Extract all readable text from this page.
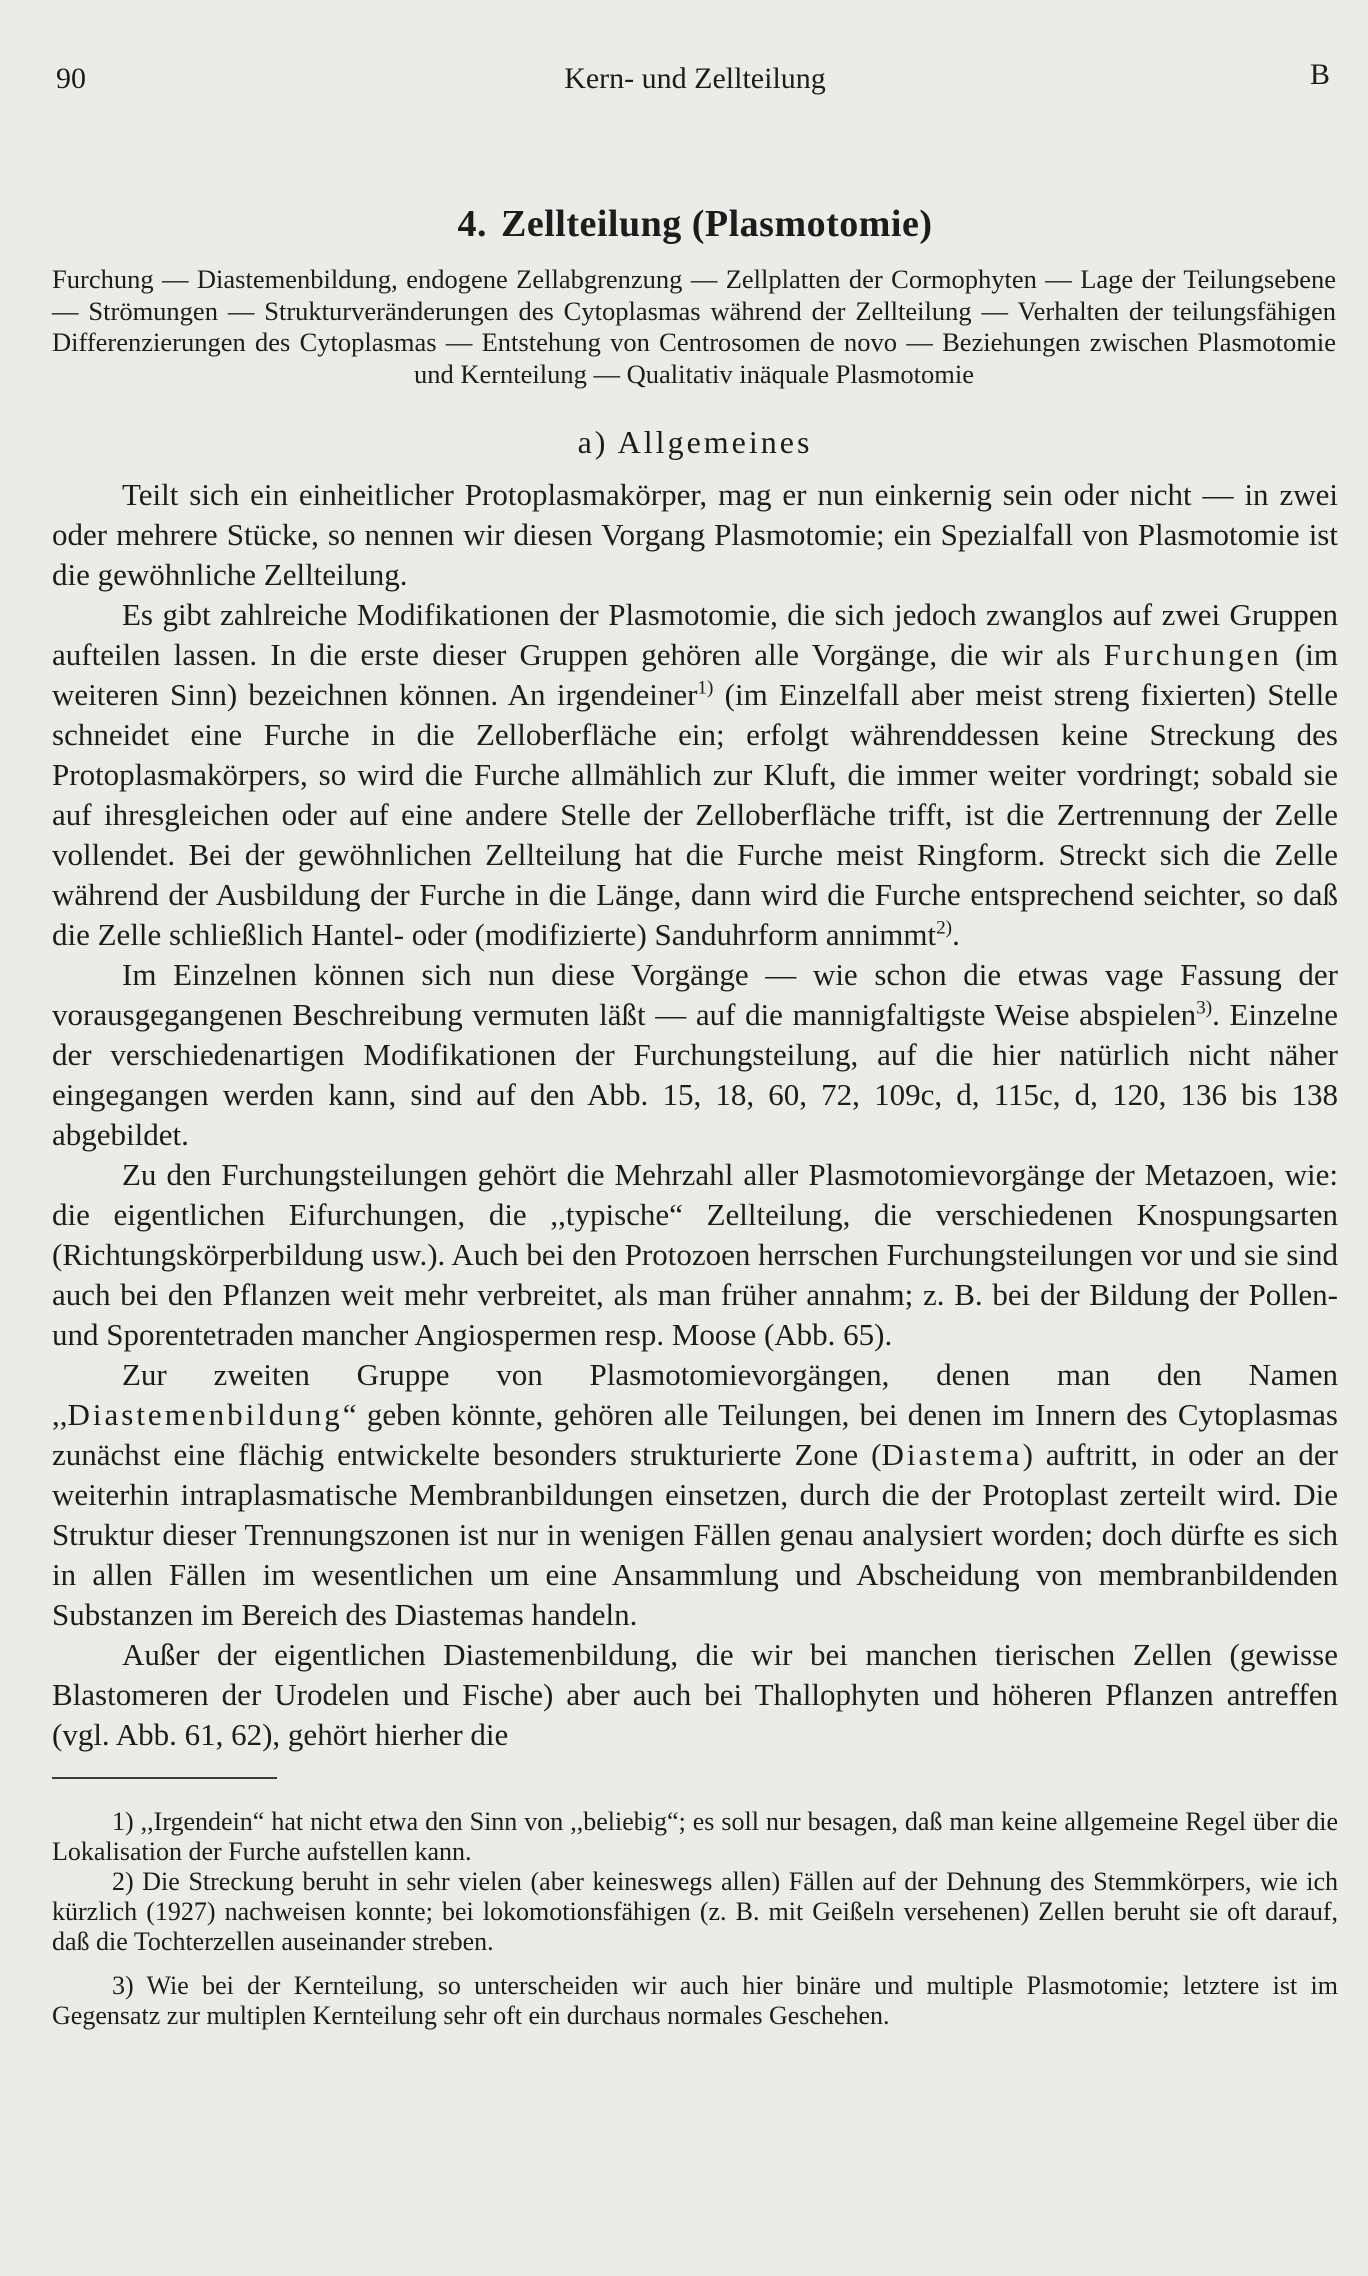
90	Kern- und Zellteilung	B
4. Zellteilung (Plasmotomie)
Furchung — Diastemenbildung, endogene Zellabgrenzung — Zellplatten der Cormophyten — Lage der Teilungsebene — Strömungen — Strukturveränderungen des Cytoplasmas während der Zellteilung — Verhalten der teilungsfähigen Differenzierungen des Cytoplasmas — Entstehung von Centrosomen de novo — Beziehungen zwischen Plasmotomie und Kernteilung — Qualitativ inäquale Plasmotomie
a) Allgemeines

Teilt sich ein einheitlicher Protoplasmakörper, mag er nun einkernig sein oder nicht — in zwei oder mehrere Stücke, so nennen wir diesen Vorgang Plasmotomie; ein Spezialfall von Plasmotomie ist die gewöhnliche Zellteilung.

Es gibt zahlreiche Modifikationen der Plasmotomie, die sich jedoch zwanglos auf zwei Gruppen aufteilen lassen. In die erste dieser Gruppen gehören alle Vorgänge, die wir als Furchungen (im weiteren Sinn) bezeichnen können. An irgendeiner$^{1)}$ (im Einzelfall aber meist streng fixierten) Stelle schneidet eine Furche in die Zelloberfläche ein; erfolgt währenddessen keine Streckung des Protoplasmakörpers, so wird die Furche allmählich zur Kluft, die immer weiter vordringt; sobald sie auf ihresgleichen oder auf eine andere Stelle der Zelloberfläche trifft, ist die Zertrennung der Zelle vollendet. Bei der gewöhnlichen Zellteilung hat die Furche meist Ringform. Streckt sich die Zelle während der Ausbildung der Furche in die Länge, dann wird die Furche entsprechend seichter, so daß die Zelle schließlich Hantel- oder (modifizierte) Sanduhrform annimmt$^{2)}$.

Im Einzelnen können sich nun diese Vorgänge — wie schon die etwas vage Fassung der vorausgegangenen Beschreibung vermuten läßt — auf die mannigfaltigste Weise abspielen$^{3)}$. Einzelne der verschiedenartigen Modifikationen der Furchungsteilung, auf die hier natürlich nicht näher eingegangen werden kann, sind auf den Abb. 15, 18, 60, 72, 109c, d, 115c, d, 120, 136 bis 138 abgebildet.

Zu den Furchungsteilungen gehört die Mehrzahl aller Plasmotomievorgänge der Metazoen, wie: die eigentlichen Eifurchungen, die ,,typische“ Zellteilung, die verschiedenen Knospungsarten (Richtungskörperbildung usw.). Auch bei den Protozoen herrschen Furchungsteilungen vor und sie sind auch bei den Pflanzen weit mehr verbreitet, als man früher annahm; z. B. bei der Bildung der Pollen- und Sporentetraden mancher Angiospermen resp. Moose (Abb. 65).

Zur zweiten Gruppe von Plasmotomievorgängen, denen man den Namen ,,Diastemenbildung“ geben könnte, gehören alle Teilungen, bei denen im Innern des Cytoplasmas zunächst eine flächig entwickelte besonders strukturierte Zone (Diastema) auftritt, in oder an der weiterhin intraplasmatische Membranbildungen einsetzen, durch die der Protoplast zerteilt wird. Die Struktur dieser Trennungszonen ist nur in wenigen Fällen genau analysiert worden; doch dürfte es sich in allen Fällen im wesentlichen um eine Ansammlung und Abscheidung von membranbildenden Substanzen im Bereich des Diastemas handeln.

Außer der eigentlichen Diastemenbildung, die wir bei manchen tierischen Zellen (gewisse Blastomeren der Urodelen und Fische) aber auch bei Thallophyten und höheren Pflanzen antreffen (vgl. Abb. 61, 62), gehört hierher die

1) ,,Irgendein“ hat nicht etwa den Sinn von ,,beliebig“; es soll nur besagen, daß man keine allgemeine Regel über die Lokalisation der Furche aufstellen kann.

2) Die Streckung beruht in sehr vielen (aber keineswegs allen) Fällen auf der Dehnung des Stemmkörpers, wie ich kürzlich (1927) nachweisen konnte; bei lokomotionsfähigen (z. B. mit Geißeln versehenen) Zellen beruht sie oft darauf, daß die Tochterzellen auseinander streben.

3) Wie bei der Kernteilung, so unterscheiden wir auch hier binäre und multiple Plasmotomie; letztere ist im Gegensatz zur multiplen Kernteilung sehr oft ein durchaus normales Geschehen.
